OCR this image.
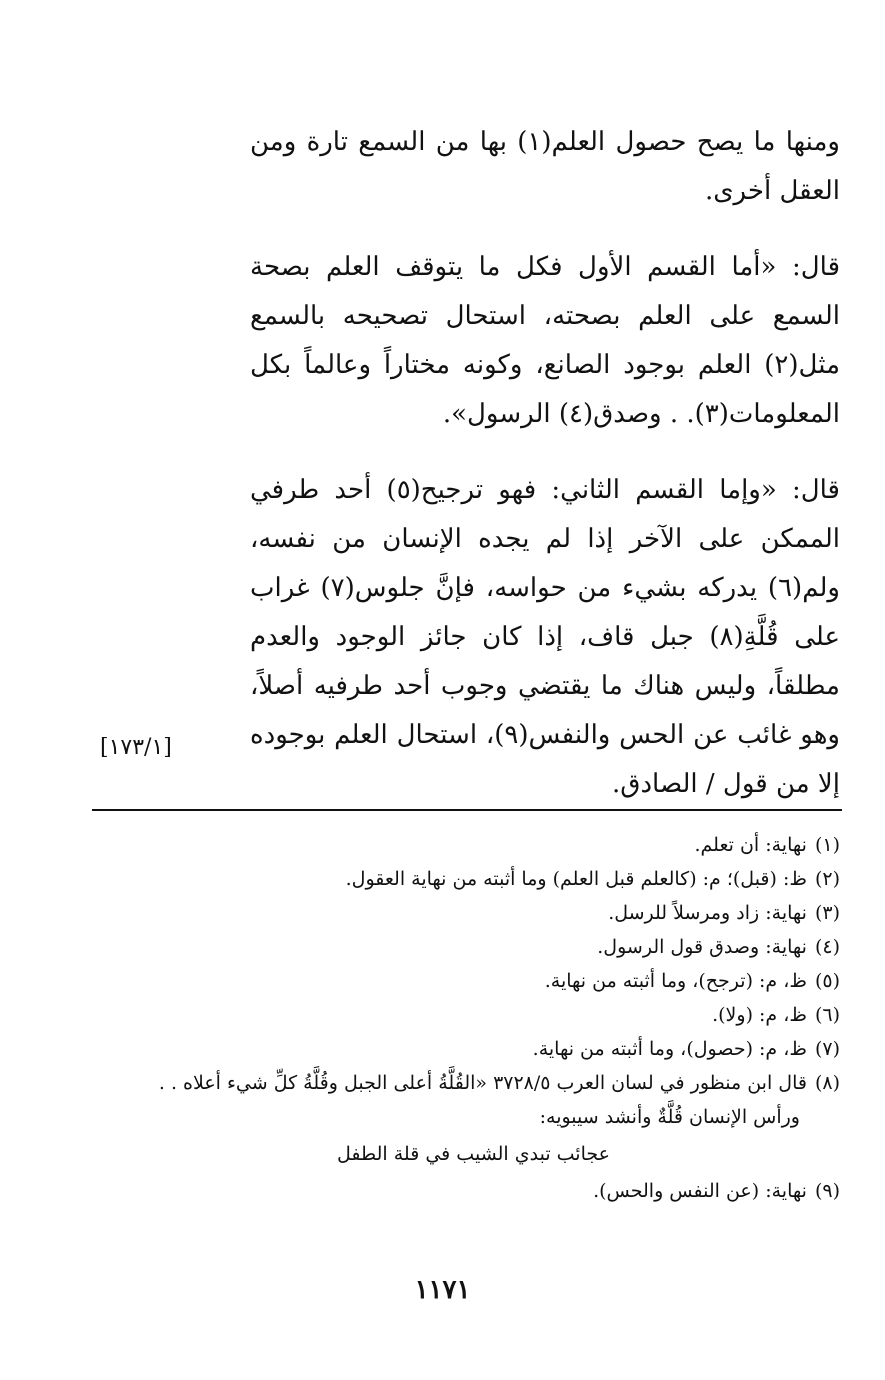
ومنها ما يصح حصول العلم(١) بها من السمع تارة ومن العقل أخرى.

قال: «أما القسم الأول فكل ما يتوقف العلم بصحة السمع على العلم بصحته، استحال تصحيحه بالسمع مثل(٢) العلم بوجود الصانع، وكونه مختاراً وعالماً بكل المعلومات(٣). . وصدق(٤) الرسول».

قال: «وإما القسم الثاني: فهو ترجيح(٥) أحد طرفي الممكن على الآخر إذا لم يجده الإنسان من نفسه، ولم(٦) يدركه بشيء من حواسه، فإنَّ جلوس(٧) غراب على قُلَّةِ(٨) جبل قاف، إذا كان جائز الوجود والعدم مطلقاً، وليس هناك ما يقتضي وجوب أحد طرفيه أصلاً، وهو غائب عن الحس والنفس(٩)، استحال العلم بوجوده إلا من قول / الصادق.

[١٧٣/١]

(١)نهاية: أن تعلم.

(٢)ظ: (قبل)؛ م: (كالعلم قبل العلم) وما أثبته من نهاية العقول.

(٣)نهاية: زاد ومرسلاً للرسل.

(٤)نهاية: وصدق قول الرسول.

(٥)ظ، م: (ترجح)، وما أثبته من نهاية.

(٦)ظ، م: (ولا).

(٧)ظ، م: (حصول)، وما أثبته من نهاية.

(٨)قال ابن منظور في لسان العرب ٣٧٢٨/٥ «القُلَّةُ أعلى الجبل وقُلَّةُ كلِّ شيء أعلاه . .

ورأس الإنسان قُلَّةٌ وأنشد سيبويه:

عجائب تبدي الشيب في قلة الطفل

(٩)نهاية: (عن النفس والحس).

١١٧١
